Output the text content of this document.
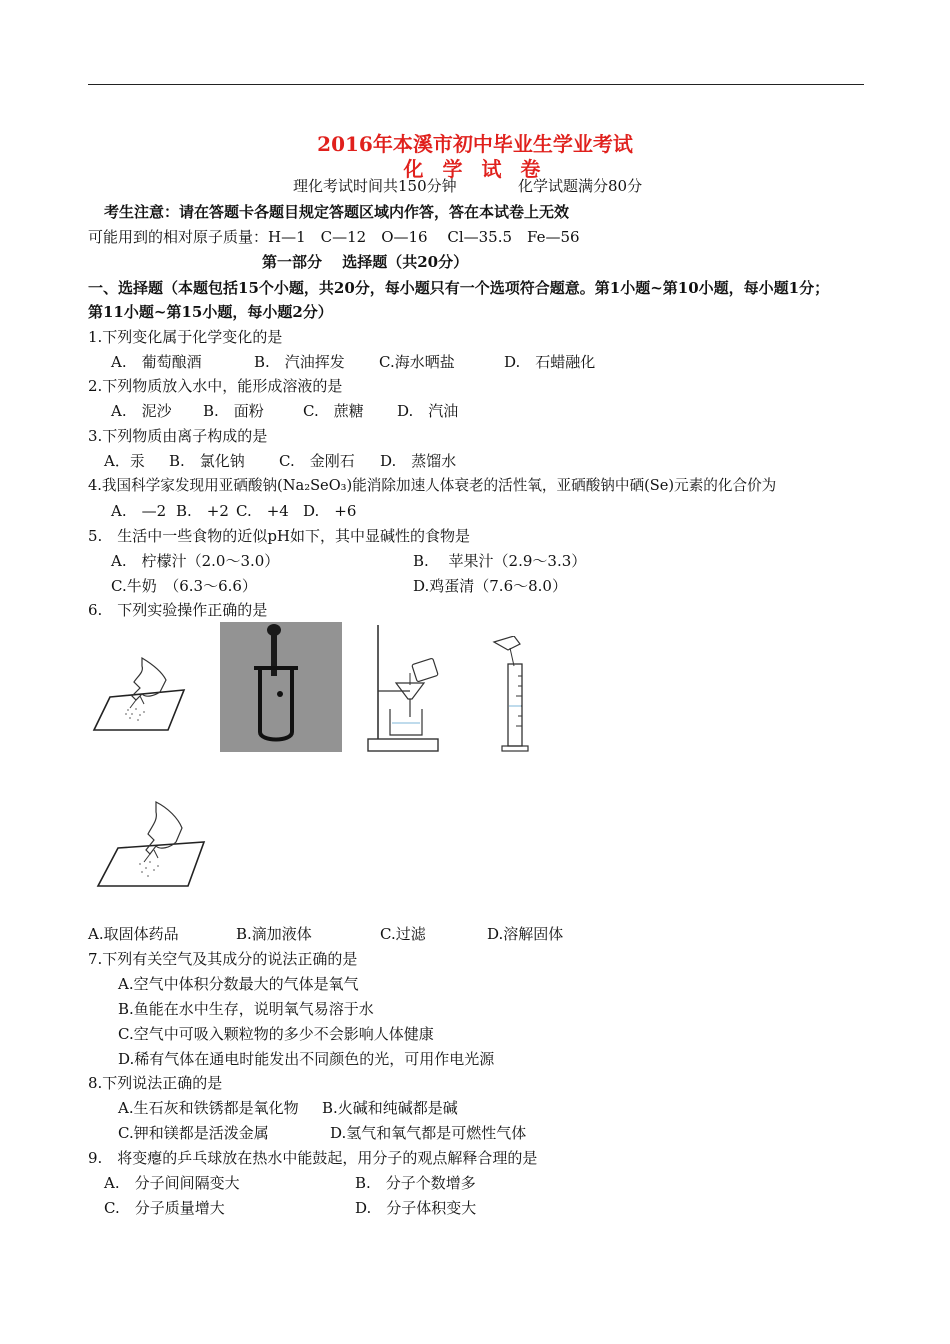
2016年本溪市初中毕业生学业考试
化 学 试 卷
理化考试时间共150分钟	化学试题满分80分
考生注意：请在答题卡各题目规定答题区域内作答，答在本试卷上无效
可能用到的相对原子质量：H—1　C—12　O—16　 Cl—35.5　Fe—56
第一部分　 选择题（共20分）
一、选择题（本题包括15个小题，共20分，每小题只有一个选项符合题意。第1小题~第10小题，每小题1分；
第11小题~第15小题，每小题2分）
1.下列变化属于化学变化的是
A.　葡萄酿酒	B.　汽油挥发 C.海水晒盐	D.　石蜡融化
2.下列物质放入水中，能形成溶液的是
A.　泥沙 B.　面粉	C.　蔗糖 D.　汽油
3.下列物质由离子构成的是
A．汞 B.　氯化钠 C.　金刚石 D.　蒸馏水
4.我国科学家发现用亚硒酸钠(Na₂SeO₃)能消除加速人体衰老的活性氧，亚硒酸钠中硒(Se)元素的化合价为
A.　—2 B.　+2 C.　+4 D.　+6
5.　生活中一些食物的近似pH如下，其中显碱性的食物是
A.　柠檬汁（2.0～3.0）	B.　 苹果汁（2.9～3.3）
C.牛奶　（6.3～6.6）	D.鸡蛋清（7.6～8.0）
6.　下列实验操作正确的是
A.取固体药品	B.滴加液体	C.过滤	D.溶解固体
7.下列有关空气及其成分的说法正确的是
A.空气中体积分数最大的气体是氧气
B.鱼能在水中生存，说明氧气易溶于水
C.空气中可吸入颗粒物的多少不会影响人体健康
D.稀有气体在通电时能发出不同颜色的光，可用作电光源
8.下列说法正确的是
A.生石灰和铁锈都是氧化物 B.火碱和纯碱都是碱
C.钾和镁都是活泼金属	D.氢气和氧气都是可燃性气体
9.　将变瘪的乒乓球放在热水中能鼓起，用分子的观点解释合理的是
A.　分子间间隔变大	B.　分子个数增多
C.　分子质量增大	D.　分子体积变大
